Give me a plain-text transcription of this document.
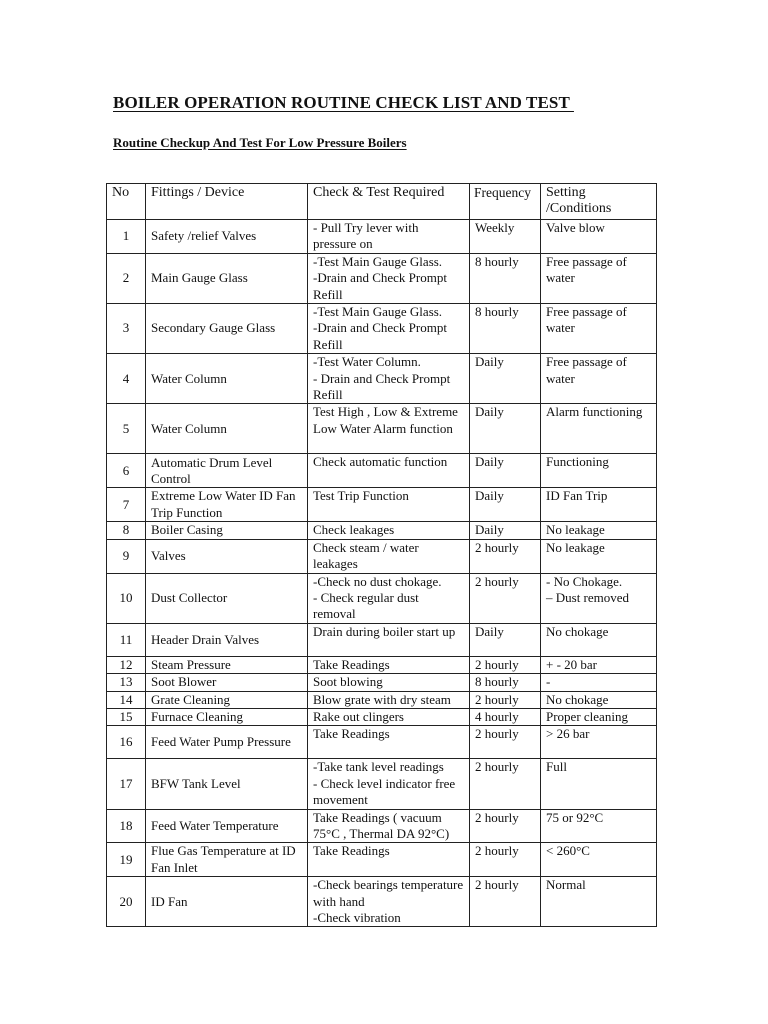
BOILER OPERATION ROUTINE CHECK LIST AND TEST
Routine Checkup And Test For Low Pressure Boilers
No	Fittings / Device	Check & Test Required	Frequency	Setting /Conditions
1	Safety /relief Valves	- Pull Try lever with pressure on	Weekly	Valve blow
2	Main Gauge Glass	-Test Main Gauge Glass.
-Drain and Check Prompt Refill	8 hourly	Free passage of water
3	Secondary Gauge Glass	-Test Main Gauge Glass.
-Drain and Check Prompt Refill	8 hourly	Free passage of water
4	Water Column	-Test Water Column.
- Drain and Check Prompt Refill	Daily	Free passage of water
5	Water Column	Test High , Low & Extreme Low Water Alarm function	Daily	Alarm functioning
6	Automatic Drum Level Control	Check automatic function	Daily	Functioning
7	Extreme Low Water ID Fan Trip Function	Test Trip Function	Daily	ID Fan Trip
8	Boiler Casing	Check leakages	Daily	No leakage
9	Valves	Check steam / water leakages	2 hourly	No leakage
10	Dust Collector	-Check no dust chokage.
- Check regular dust removal	2 hourly	- No Chokage.
– Dust removed
11	Header Drain Valves	Drain during boiler start up	Daily	No chokage
12	Steam Pressure	Take Readings	2 hourly	+ - 20 bar
13	Soot Blower	Soot blowing	8 hourly	-
14	Grate Cleaning	Blow grate with dry steam	2 hourly	No chokage
15	Furnace Cleaning	Rake out clingers	4 hourly	Proper cleaning
16	Feed Water Pump Pressure	Take Readings	2 hourly	> 26 bar
17	BFW Tank Level	-Take tank level readings
- Check level indicator free movement	2 hourly	Full
18	Feed Water Temperature	Take Readings ( vacuum 75°C , Thermal DA 92°C)	2 hourly	75 or 92°C
19	Flue Gas Temperature at ID Fan Inlet	Take Readings	2 hourly	< 260°C
20	ID Fan	-Check bearings temperature with hand
-Check vibration	2 hourly	Normal
